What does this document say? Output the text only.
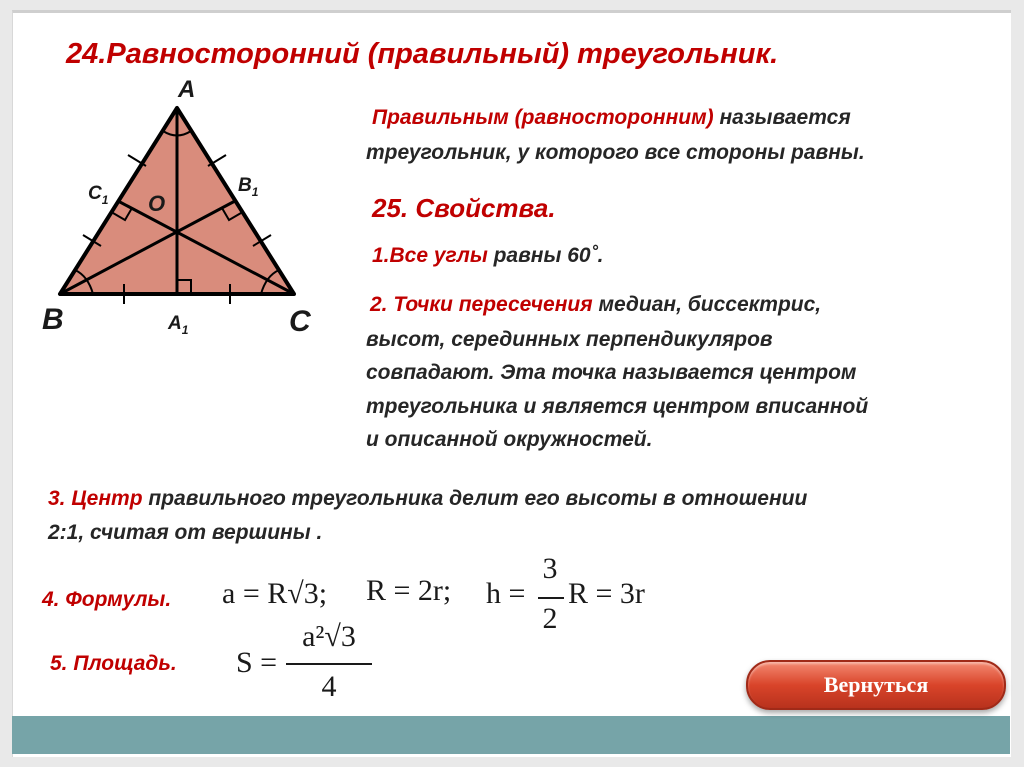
24.Равносторонний (правильный) треугольник.
A
B	C
O
$C_1$
$B_1$
$A_1$
Правильным (равносторонним) называется
треугольник, у которого все стороны равны.
25. Свойства.
1.Все углы равны 60˚.
2. Точки пересечения медиан, биссектрис,
высот, серединных перпендикуляров
совпадают. Эта точка называется центром
треугольника и является центром вписанной
и описанной окружностей.
3. Центр правильного треугольника делит его высоты в отношении
2:1, считая от вершины .
4. Формулы. a = R√3; R = 2r; h =
3
2
R = 3r
5. Площадь. S =
a²√3
4	Вернуться
